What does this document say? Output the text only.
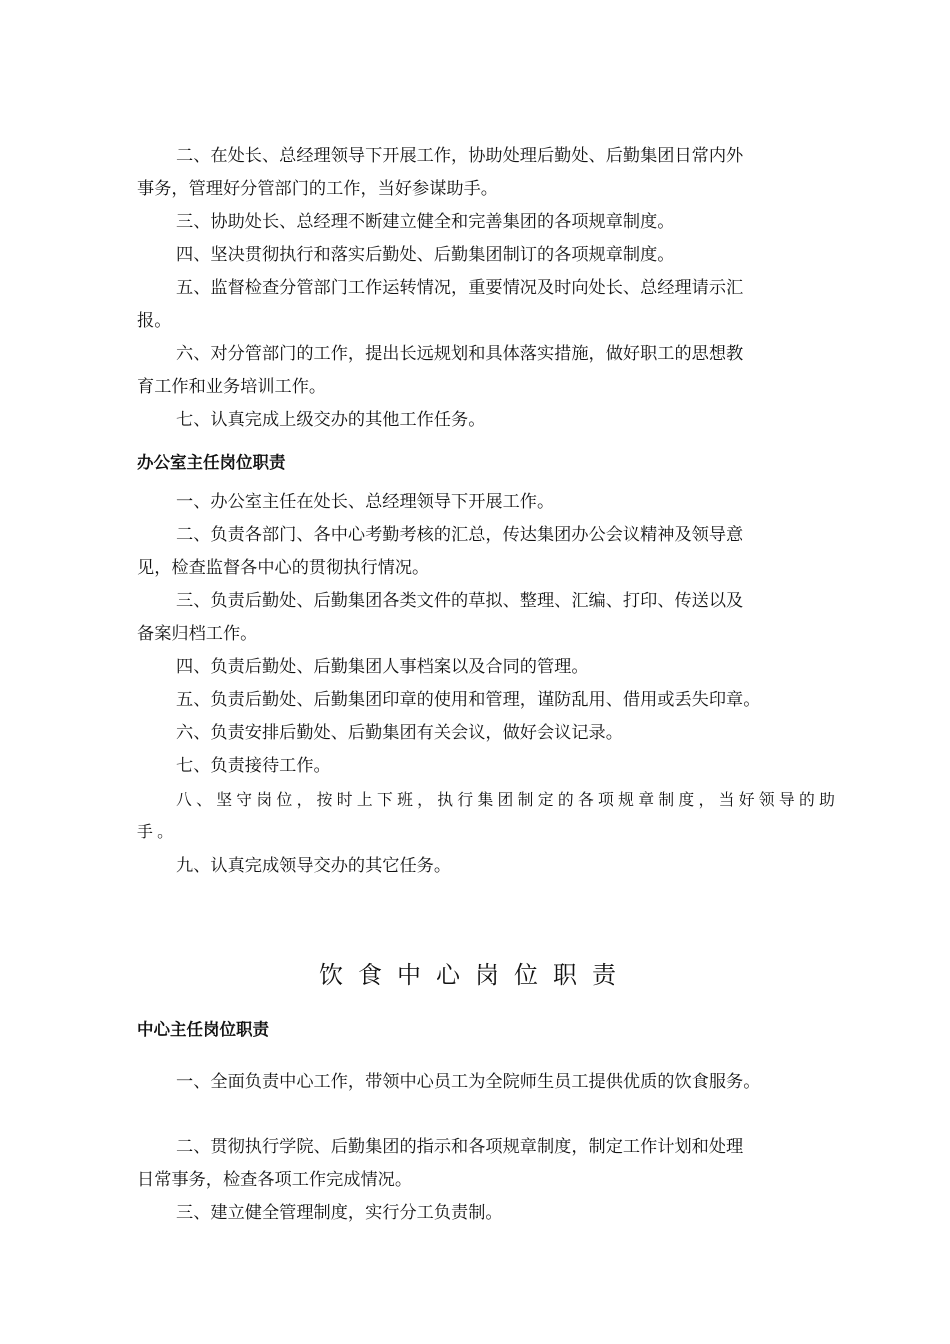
二、在处长、总经理领导下开展工作，协助处理后勤处、后勤集团日常内外
事务，管理好分管部门的工作，当好参谋助手。
三、协助处长、总经理不断建立健全和完善集团的各项规章制度。
四、坚决贯彻执行和落实后勤处、后勤集团制订的各项规章制度。
五、监督检查分管部门工作运转情况，重要情况及时向处长、总经理请示汇
报。
六、对分管部门的工作，提出长远规划和具体落实措施，做好职工的思想教
育工作和业务培训工作。
七、认真完成上级交办的其他工作任务。
办公室主任岗位职责
一、办公室主任在处长、总经理领导下开展工作。
二、负责各部门、各中心考勤考核的汇总，传达集团办公会议精神及领导意
见，检查监督各中心的贯彻执行情况。
三、负责后勤处、后勤集团各类文件的草拟、整理、汇编、打印、传送以及
备案归档工作。
四、负责后勤处、后勤集团人事档案以及合同的管理。
五、负责后勤处、后勤集团印章的使用和管理，谨防乱用、借用或丢失印章。
六、负责安排后勤处、后勤集团有关会议，做好会议记录。
七、负责接待工作。
八、坚守岗位，按时上下班，执行集团制定的各项规章制度，当好领导的助
手。
九、认真完成领导交办的其它任务。
饮食中心岗位职责
中心主任岗位职责
一、全面负责中心工作，带领中心员工为全院师生员工提供优质的饮食服务。
二、贯彻执行学院、后勤集团的指示和各项规章制度，制定工作计划和处理
日常事务，检查各项工作完成情况。
三、建立健全管理制度，实行分工负责制。
